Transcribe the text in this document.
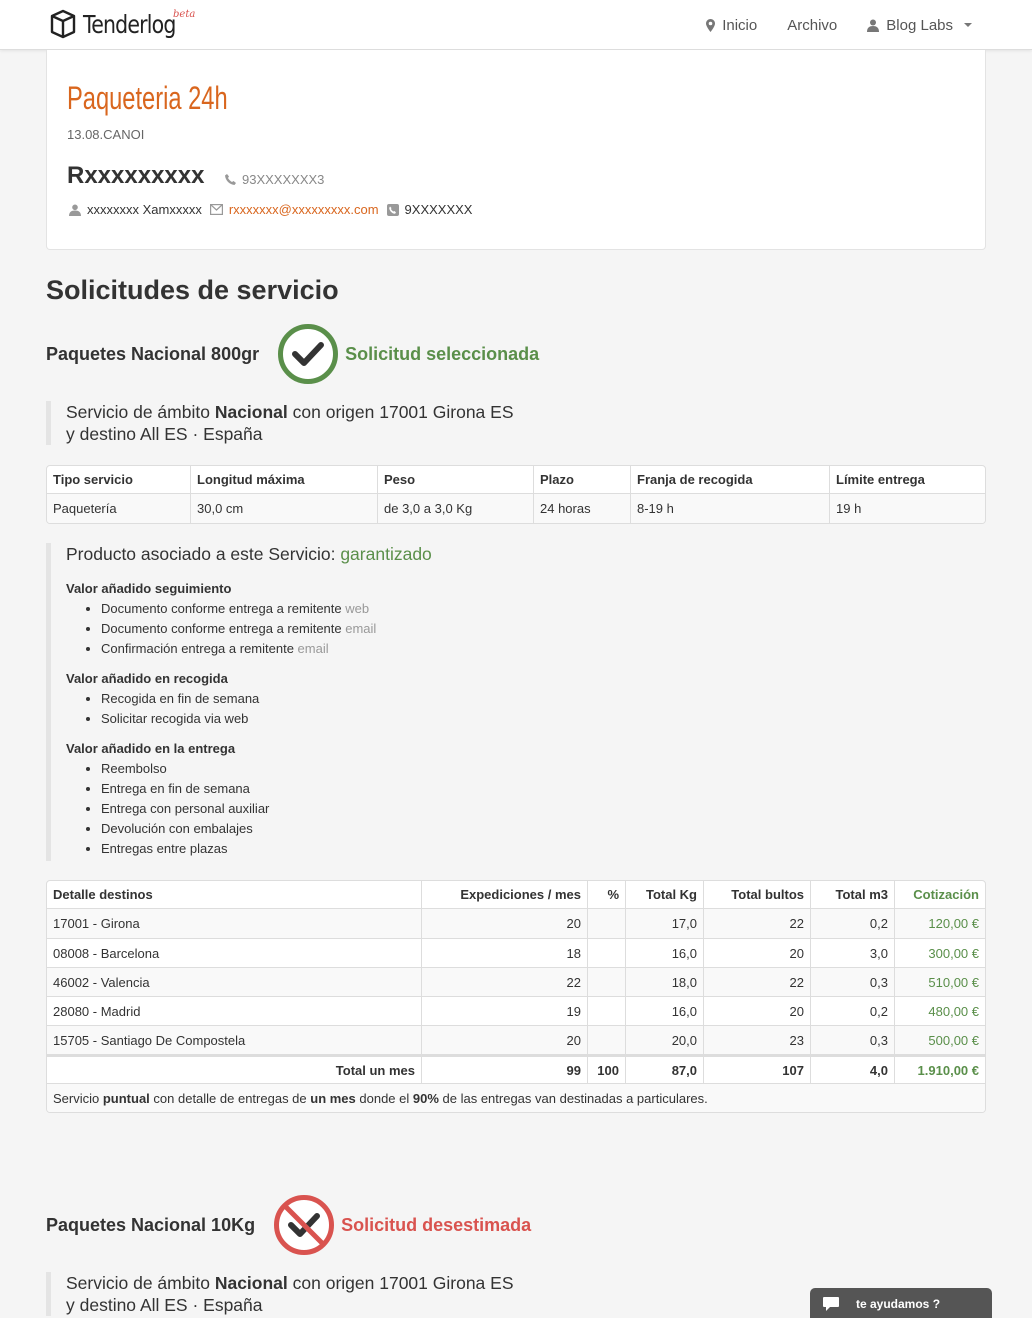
Tenderlog
beta
Inicio Archivo	Blog Labs
Paqueteria 24h
13.08.CANOI
Rxxxxxxxxx	93XXXXXXX3
xxxxxxxx Xamxxxxx rxxxxxxx@xxxxxxxxx.com 9XXXXXXX
Solicitudes de servicio
Paquetes Nacional 800gr	Solicitud seleccionada
Servicio de ámbito Nacional con origen 17001 Girona ES
y destino All ES · España
Tipo servicio	Longitud máxima	Peso	Plazo	Franja de recogida	Límite entrega
Paquetería	30,0 cm	de 3,0 a 3,0 Kg	24 horas	8-19 h	19 h
Producto asociado a este Servicio: garantizado
Valor añadido seguimiento
• Documento conforme entrega a remitente web
• Documento conforme entrega a remitente email
• Confirmación entrega a remitente email
Valor añadido en recogida
• Recogida en fin de semana
• Solicitar recogida via web
Valor añadido en la entrega
• Reembolso
• Entrega en fin de semana
• Entrega con personal auxiliar
• Devolución con embalajes
• Entregas entre plazas
Detalle destinos	Expediciones / mes	%	Total Kg	Total bultos	Total m3	Cotización
17001 - Girona	20		17,0	22	0,2	120,00 €
08008 - Barcelona	18		16,0	20	3,0	300,00 €
46002 - Valencia	22		18,0	22	0,3	510,00 €
28080 - Madrid	19		16,0	20	0,2	480,00 €
15705 - Santiago De Compostela	20		20,0	23	0,3	500,00 €
Total un mes	99	100	87,0	107	4,0	1.910,00 €
Servicio puntual con detalle de entregas de un mes donde el 90% de las entregas van destinadas a particulares.						
Paquetes Nacional 10Kg	Solicitud desestimada
Servicio de ámbito Nacional con origen 17001 Girona ES
y destino All ES · España	te ayudamos ?
